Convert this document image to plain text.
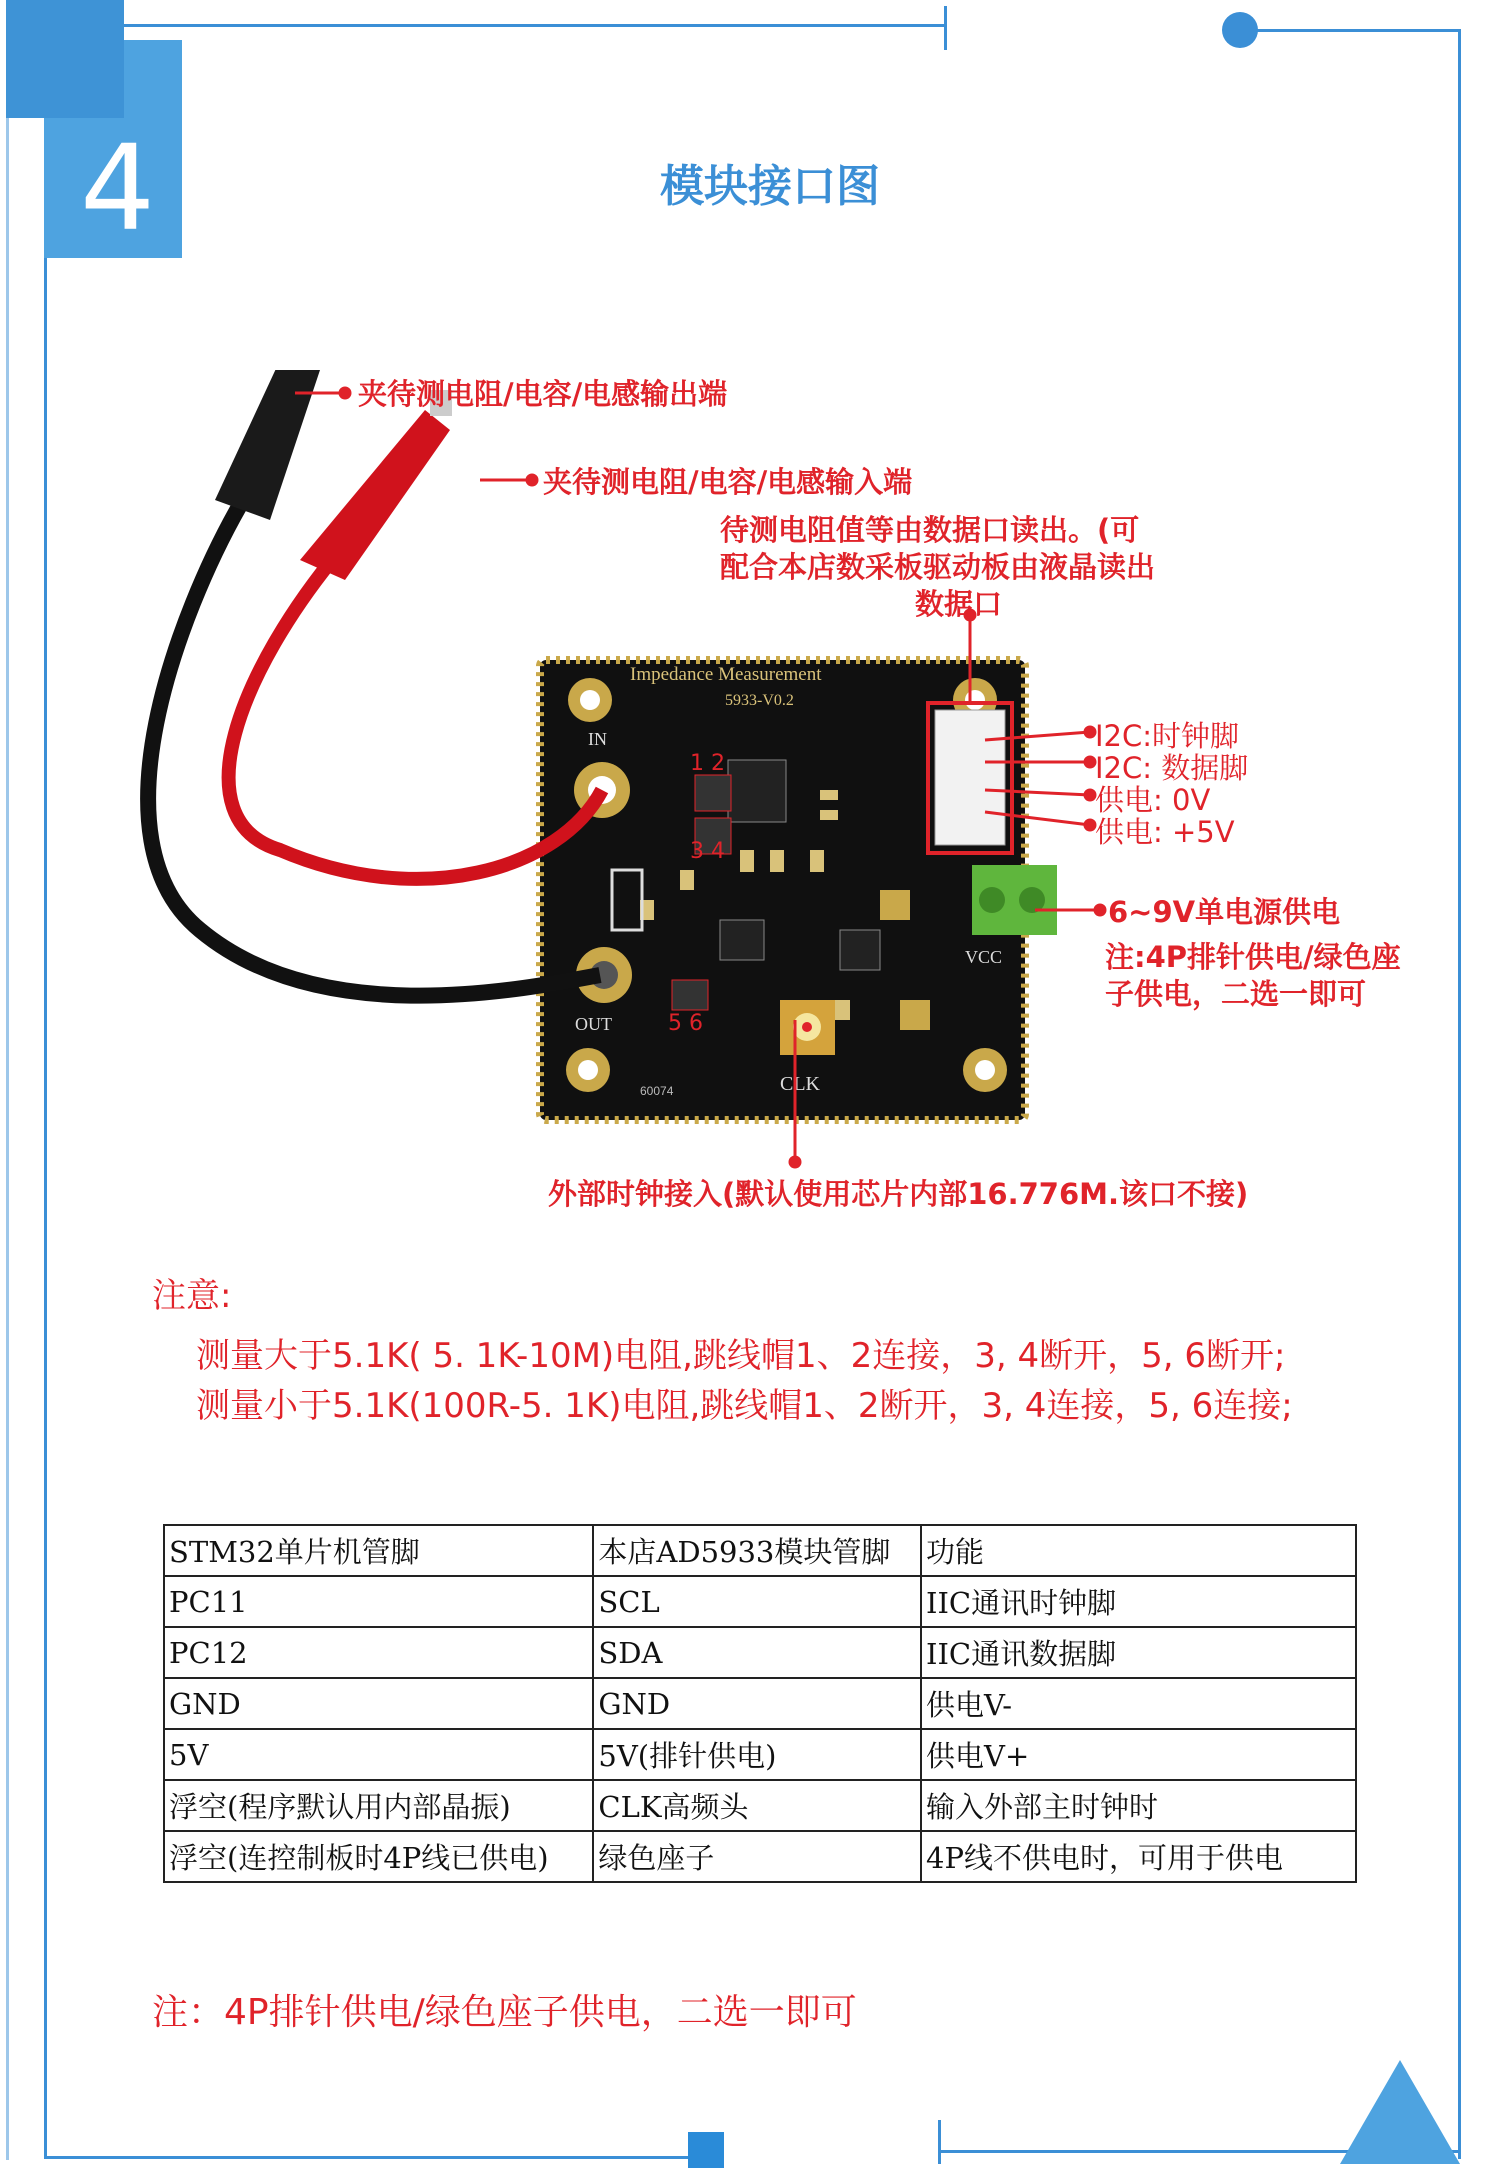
4	模块接口图
Impedance Measurement
5933-V0.2
IN
OUT
CLK
VCC
60074
1 2
3 4
5 6
夹待测电阻/电容/电感输出端
夹待测电阻/电容/电感输入端
待测电阻值等由数据口读出。(可
配合本店数采板驱动板由液晶读出
数据口
I2C:时钟脚
I2C: 数据脚
供电: 0V
供电: +5V
6~9V单电源供电
注:4P排针供电/绿色座
子供电，二选一即可
外部时钟接入(默认使用芯片内部16.776M.该口不接)
注意:
测量大于5.1K( 5. 1K-10M)电阻,跳线帽1、2连接，3, 4断开，5, 6断开;
测量小于5.1K(100R-5. 1K)电阻,跳线帽1、2断开，3, 4连接，5, 6连接;
STM32单片机管脚	本店AD5933模块管脚	功能
PC11	SCL	IIC通讯时钟脚
PC12	SDA	IIC通讯数据脚
GND	GND	供电V-
5V	5V(排针供电)	供电V+
浮空(程序默认用内部晶振)	CLK高频头	输入外部主时钟时
浮空(连控制板时4P线已供电)	绿色座子	4P线不供电时，可用于供电
注：4P排针供电/绿色座子供电，二选一即可
